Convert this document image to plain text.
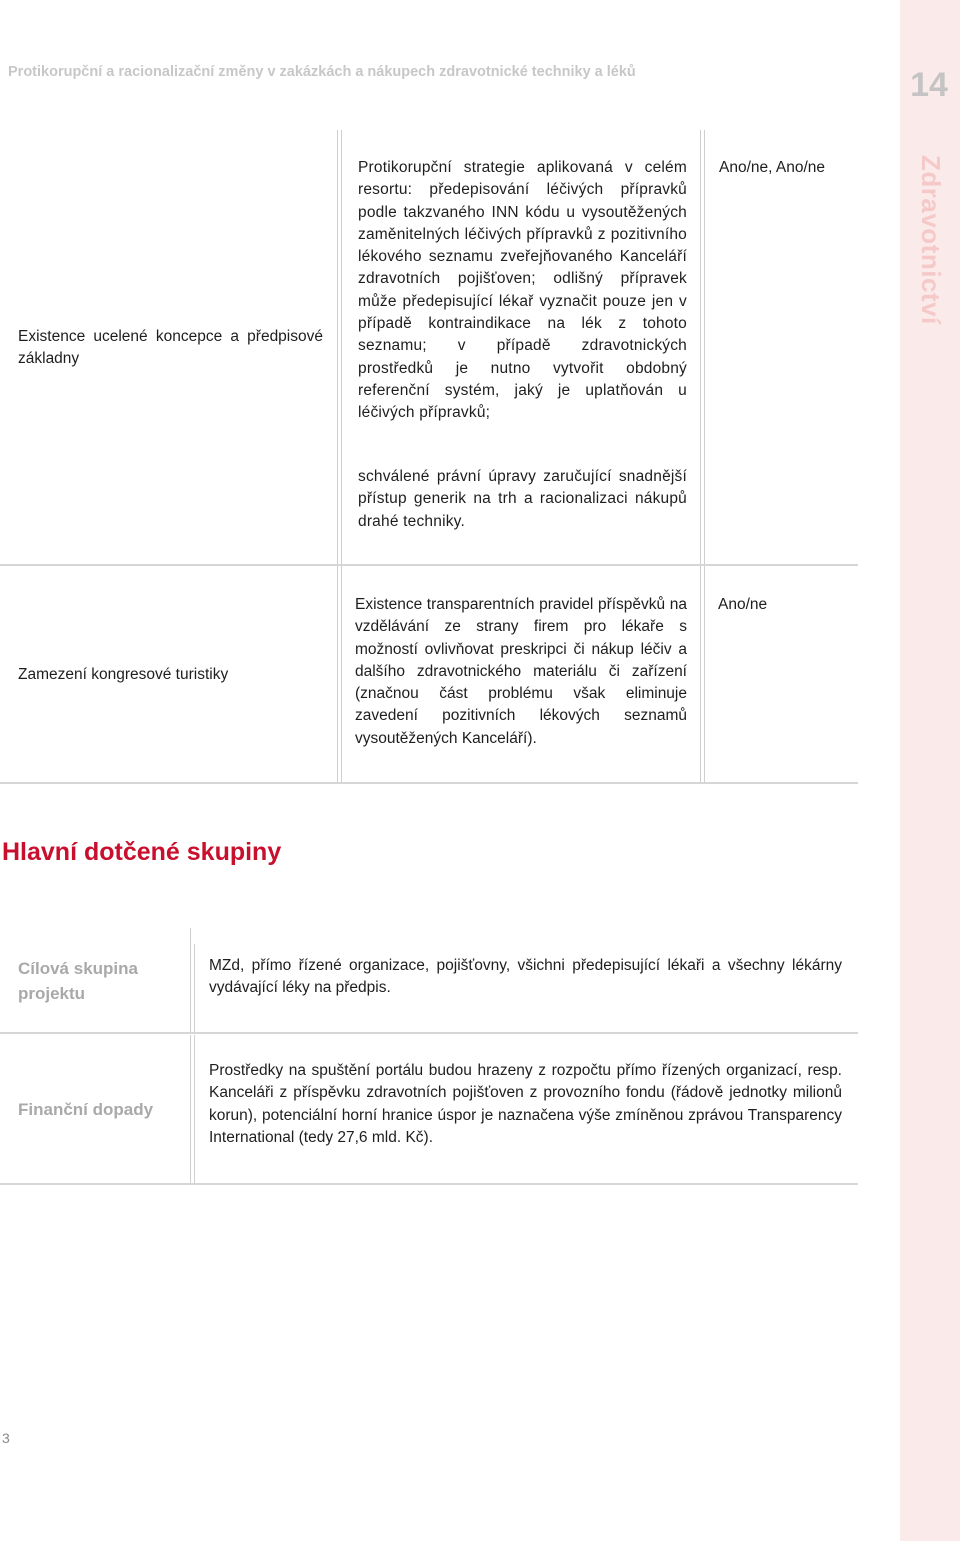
14
Zdravotnictví
Protikorupční a racionalizační změny v zakázkách a nákupech zdravotnické techniky a léků
Existence ucelené koncepce a předpisové základny
Protikorupční strategie aplikovaná v celém resortu: předepisování léčivých přípravků podle takzvaného INN kódu u vysoutěžených zaměnitelných léčivých přípravků z pozitivního lékového seznamu zveřejňovaného Kanceláří zdravotních pojišťoven; odlišný přípravek může předepisující lékař vyznačit pouze jen v případě kontraindikace na lék z tohoto seznamu; v případě zdravotnických prostředků je nutno vytvořit obdobný referenční systém, jaký je uplatňován u léčivých přípravků;
schválené právní úpravy zaručující snadnější přístup generik na trh a racionalizaci nákupů drahé techniky.
Ano/ne, Ano/ne
Zamezení kongresové turistiky
Existence transparentních pravidel příspěvků na vzdělávání ze strany firem pro lékaře s možností ovlivňovat preskripci či nákup léčiv a dalšího zdravotnického materiálu či zařízení (značnou část problému však eliminuje zavedení pozitivních lékových seznamů vysoutěžených Kanceláří).
Ano/ne
Hlavní dotčené skupiny
Cílová skupina projektu
MZd, přímo řízené organizace, pojišťovny, všichni předepisující lékaři a všechny lékárny vydávající léky na předpis.
Finanční dopady
Prostředky na spuštění portálu budou hrazeny z rozpočtu přímo řízených organizací, resp. Kanceláři z příspěvku zdravotních pojišťoven z provozního fondu (řádově jednotky milionů korun), potenciální horní hranice úspor je naznačena výše zmíněnou zprávou Transparency International (tedy 27,6 mld. Kč).
3
